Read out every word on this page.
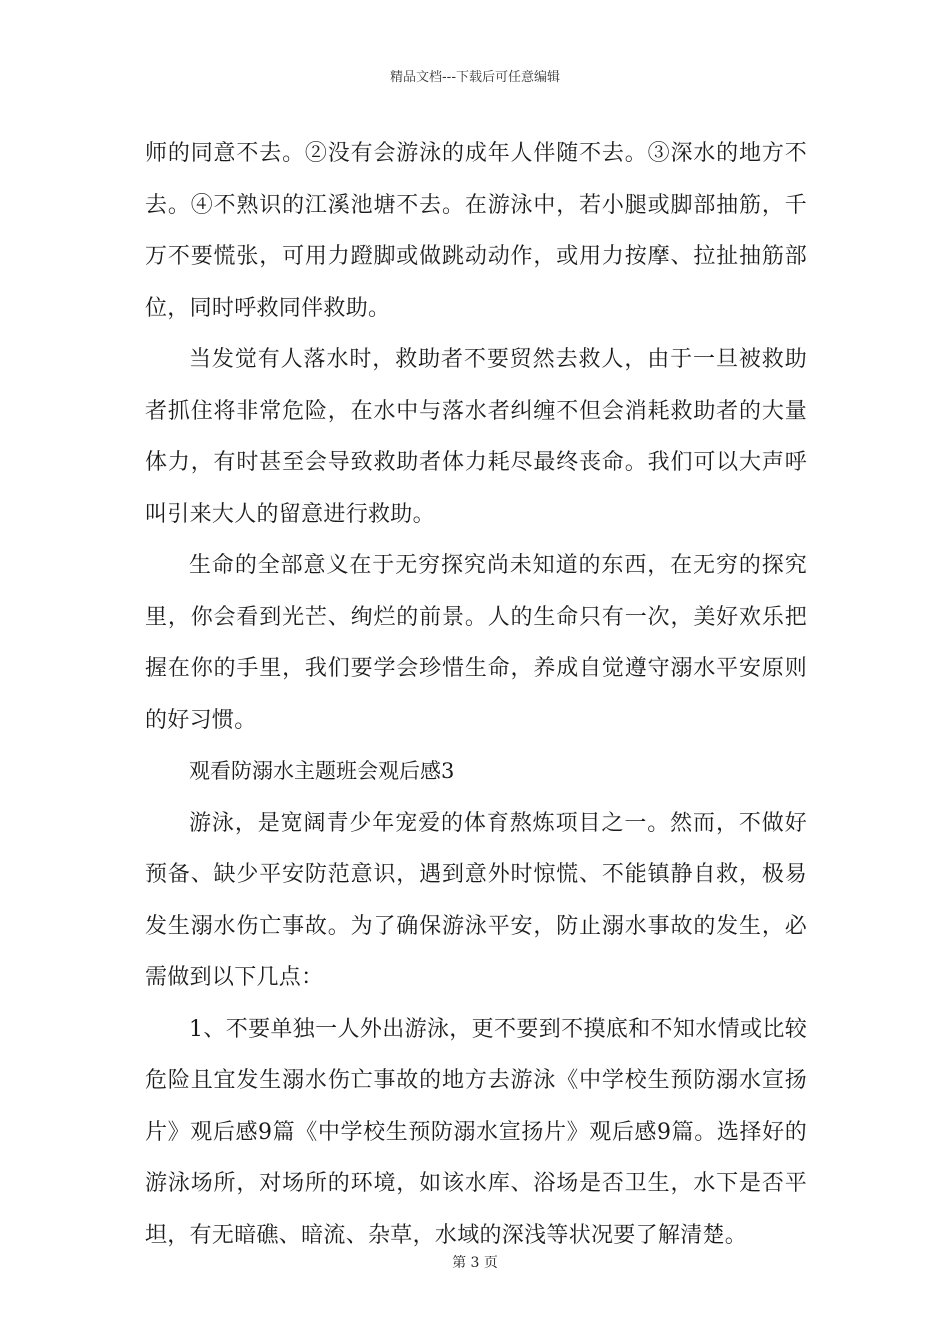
精品文档---下载后可任意编辑

师的同意不去。②没有会游泳的成年人伴随不去。③深水的地方不去。④不熟识的江溪池塘不去。在游泳中，若小腿或脚部抽筋，千万不要慌张，可用力蹬脚或做跳动动作，或用力按摩、拉扯抽筋部位，同时呼救同伴救助。

当发觉有人落水时，救助者不要贸然去救人，由于一旦被救助者抓住将非常危险，在水中与落水者纠缠不但会消耗救助者的大量体力，有时甚至会导致救助者体力耗尽最终丧命。我们可以大声呼叫引来大人的留意进行救助。

生命的全部意义在于无穷探究尚未知道的东西，在无穷的探究里，你会看到光芒、绚烂的前景。人的生命只有一次，美好欢乐把握在你的手里，我们要学会珍惜生命，养成自觉遵守溺水平安原则的好习惯。

观看防溺水主题班会观后感3

游泳，是宽阔青少年宠爱的体育熬炼项目之一。然而，不做好预备、缺少平安防范意识，遇到意外时惊慌、不能镇静自救，极易发生溺水伤亡事故。为了确保游泳平安，防止溺水事故的发生，必需做到以下几点：

1、不要单独一人外出游泳，更不要到不摸底和不知水情或比较危险且宜发生溺水伤亡事故的地方去游泳《中学校生预防溺水宣扬片》观后感9篇《中学校生预防溺水宣扬片》观后感9篇。选择好的游泳场所，对场所的环境，如该水库、浴场是否卫生，水下是否平坦，有无暗礁、暗流、杂草，水域的深浅等状况要了解清楚。

第 3 页
